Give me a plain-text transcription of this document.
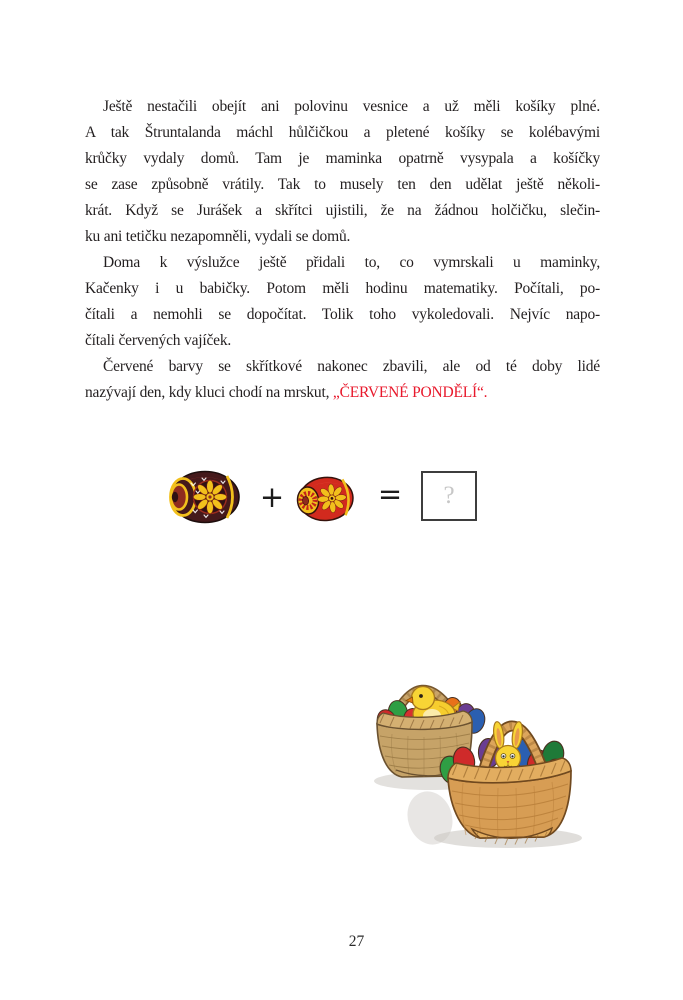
Ještě nestačili obejít ani polovinu vesnice a už měli košíky plné.
A tak Štruntalanda máchl hůlčičkou a pletené košíky se kolébavými
krůčky vydaly domů. Tam je maminka opatrně vysypala a košíčky
se zase způsobně vrátily. Tak to musely ten den udělat ještě několi-
krát. Když se Jurášek a skřítci ujistili, že na žádnou holčičku, slečin-
ku ani tetičku nezapomněli, vydali se domů.
Doma k výslužce ještě přidali to, co vymrskali u maminky,
Kačenky i u babičky. Potom měli hodinu matematiky. Počítali, po-
čítali a nemohli se dopočítat. Tolik toho vykoledovali. Nejvíc napo-
čítali červených vajíček.
Červené barvy se skřítkové nakonec zbavili, ale od té doby lidé
nazývají den, kdy kluci chodí na mrskut, „ČERVENÉ PONDĚLÍ“.
+	= ?
27
